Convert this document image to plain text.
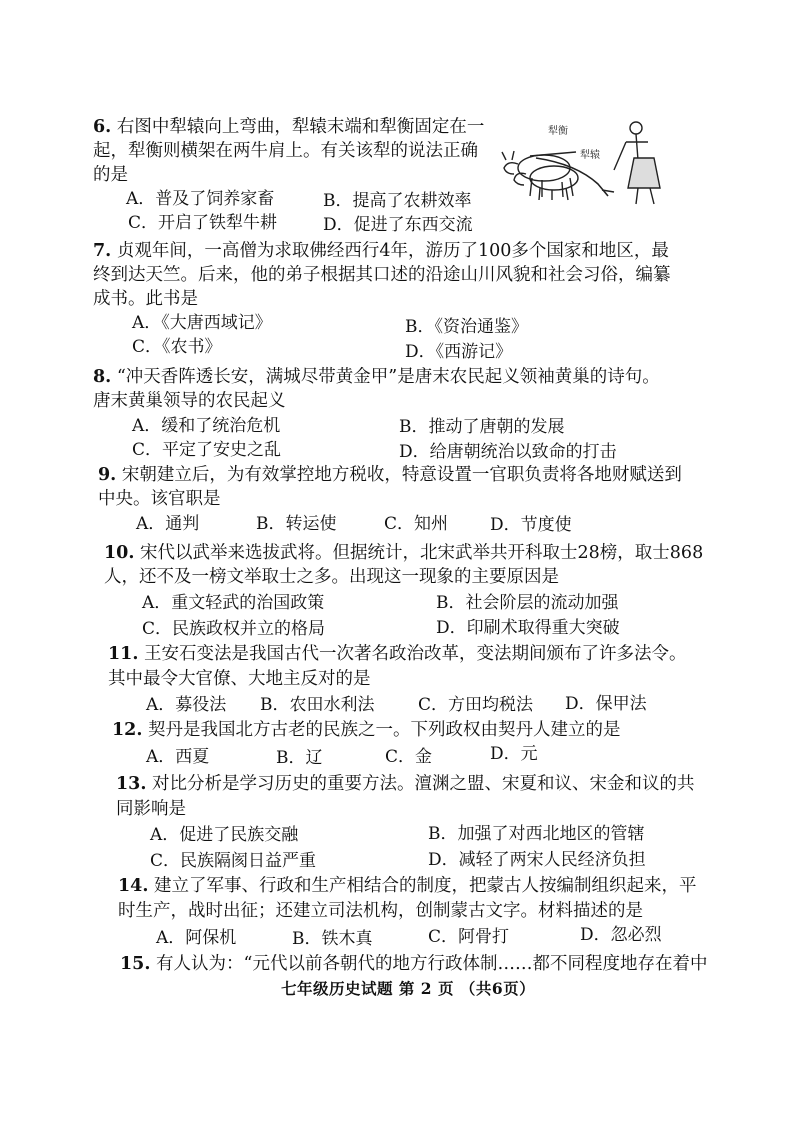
6. 右图中犁辕向上弯曲，犁辕末端和犁衡固定在一
起，犁衡则横架在两牛肩上。有关该犁的说法正确
的是
A．普及了饲养家畜	B．提高了农耕效率
C．开启了铁犁牛耕	D．促进了东西交流
犁衡
犁辕
7. 贞观年间，一高僧为求取佛经西行4年，游历了100多个国家和地区，最
终到达天竺。后来，他的弟子根据其口述的沿途山川风貌和社会习俗，编纂
成书。此书是
A．《大唐西域记》	B．《资治通鉴》
C．《农书》	D．《西游记》
8. “冲天香阵透长安，满城尽带黄金甲”是唐末农民起义领袖黄巢的诗句。
唐末黄巢领导的农民起义
A．缓和了统治危机	B．推动了唐朝的发展
C．平定了安史之乱	D．给唐朝统治以致命的打击
9. 宋朝建立后，为有效掌控地方税收，特意设置一官职负责将各地财赋送到
中央。该官职是
A．通判	B．转运使	C．知州 D．节度使
10. 宋代以武举来选拔武将。但据统计，北宋武举共开科取士28榜，取士868
人，还不及一榜文举取士之多。出现这一现象的主要原因是
A．重文轻武的治国政策	B．社会阶层的流动加强
C．民族政权并立的格局	D．印刷术取得重大突破
11. 王安石变法是我国古代一次著名政治改革，变法期间颁布了许多法令。
其中最令大官僚、大地主反对的是
A．募役法 B．农田水利法	C．方田均税法 D．保甲法
12. 契丹是我国北方古老的民族之一。下列政权由契丹人建立的是
A．西夏	B．辽	C．金	D．元
13. 对比分析是学习历史的重要方法。澶渊之盟、宋夏和议、宋金和议的共
同影响是
A．促进了民族交融	B．加强了对西北地区的管辖
C．民族隔阂日益严重	D．减轻了两宋人民经济负担
14. 建立了军事、行政和生产相结合的制度，把蒙古人按编制组织起来，平
时生产，战时出征；还建立司法机构，创制蒙古文字。材料描述的是
A．阿保机	B．铁木真	C．阿骨打	D．忽必烈
15. 有人认为：“元代以前各朝代的地方行政体制……都不同程度地存在着中
七年级历史试题 第 2 页 （共6页）
